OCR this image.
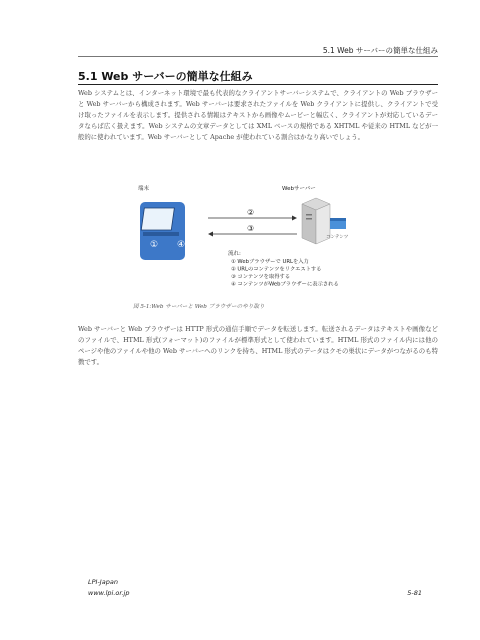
5.1 Web サーバーの簡単な仕組み
5.1 Web サーバーの簡単な仕組み

Web システムとは、インターネット環境で最も代表的なクライアントサーバーシステムで、クライアントの Web ブラウザーと Web サーバーから構成されます。Web サーバーは要求されたファイルを Web クライアントに提供し、クライアントで受け取ったファイルを表示します。提供される情報はテキストから画像やムービーと幅広く、クライアントが対応しているデータならば広く扱えます。Web システムの文章データとしては XML ベースの規格である XHTML や従来の HTML などが一般的に使われています。Web サーバーとして Apache が使われている割合はかなり高いでしょう。

① ④
②
③
コンテンツ
端末	Webサーバー
流れ:
① Webブラウザーで URLを入力
② URLのコンテンツをリクエストする
③ コンテンツを取得する
④ コンテンツがWebブラウザーに表示される
図 5-1:Web サーバーと Web ブラウザーのやり取り

Web サーバーと Web ブラウザーは HTTP 形式の通信手順でデータを転送します。転送されるデータはテキストや画像などのファイルで、HTML 形式(フォーマット)のファイルが標準形式として使われています。HTML 形式のファイル内には他のページや他のファイルや他の Web サーバーへのリンクを持ち、HTML 形式のデータはクモの巣状にデータがつながるのも特徴です。

LPI-Japan
www.lpi.or.jp	5-81
